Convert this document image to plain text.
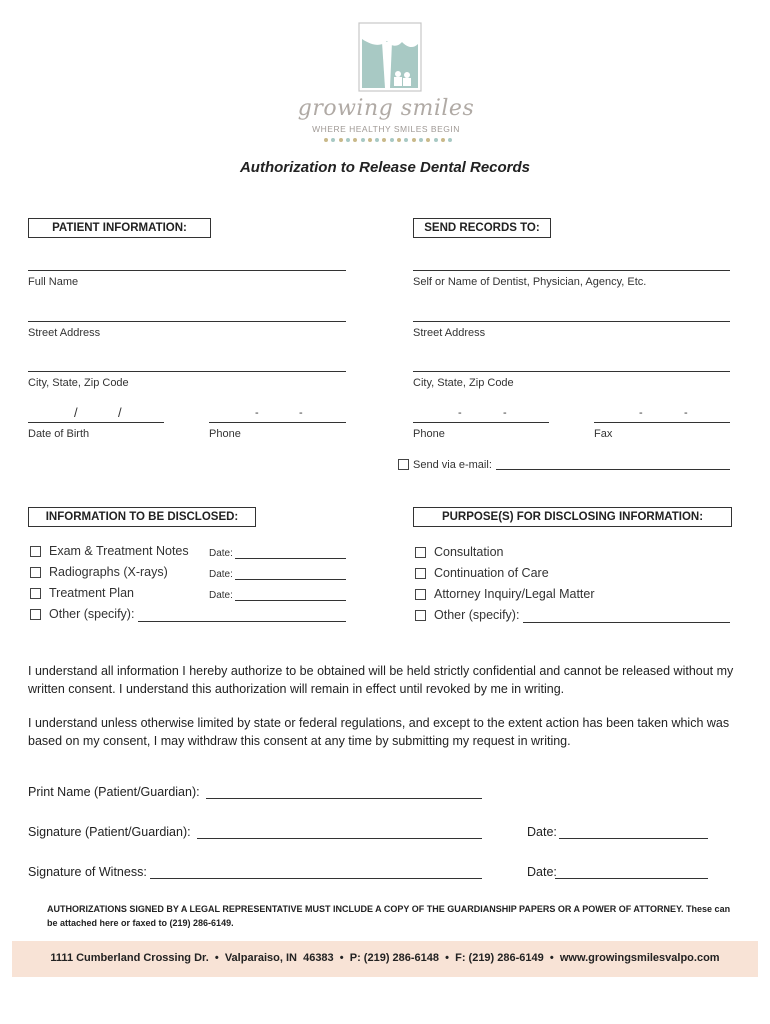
growing smiles
WHERE HEALTHY SMILES BEGIN
Authorization to Release Dental Records
PATIENT INFORMATION:
Full Name
Street Address
City, State, Zip Code
/	/
Date of Birth
-	-
Phone
SEND RECORDS TO:
Self or Name of Dentist, Physician, Agency, Etc.
Street Address
City, State, Zip Code
-	-
Phone
-	-
Fax
Send via e-mail:
INFORMATION TO BE DISCLOSED:
Exam & Treatment Notes Date:
Radiographs (X-rays)	Date:
Treatment Plan	Date:
Other (specify):
PURPOSE(S) FOR DISCLOSING INFORMATION:
Consultation
Continuation of Care
Attorney Inquiry/Legal Matter
Other (specify):
I understand all information I hereby authorize to be obtained will be held strictly confidential and cannot be released without my written consent. I understand this authorization will remain in effect until revoked by me in writing.
I understand unless otherwise limited by state or federal regulations, and except to the extent action has been taken which was based on my consent, I may withdraw this consent at any time by submitting my request in writing.
Print Name (Patient/Guardian):
Signature (Patient/Guardian):	Date:
Signature of Witness:	Date:
AUTHORIZATIONS SIGNED BY A LEGAL REPRESENTATIVE MUST INCLUDE A COPY OF THE GUARDIANSHIP PAPERS OR A POWER OF ATTORNEY. These can be attached here or faxed to (219) 286-6149.
1111 Cumberland Crossing Dr.  •  Valparaiso, IN  46383  •  P: (219) 286-6148  •  F: (219) 286-6149  •  www.growingsmilesvalpo.com
